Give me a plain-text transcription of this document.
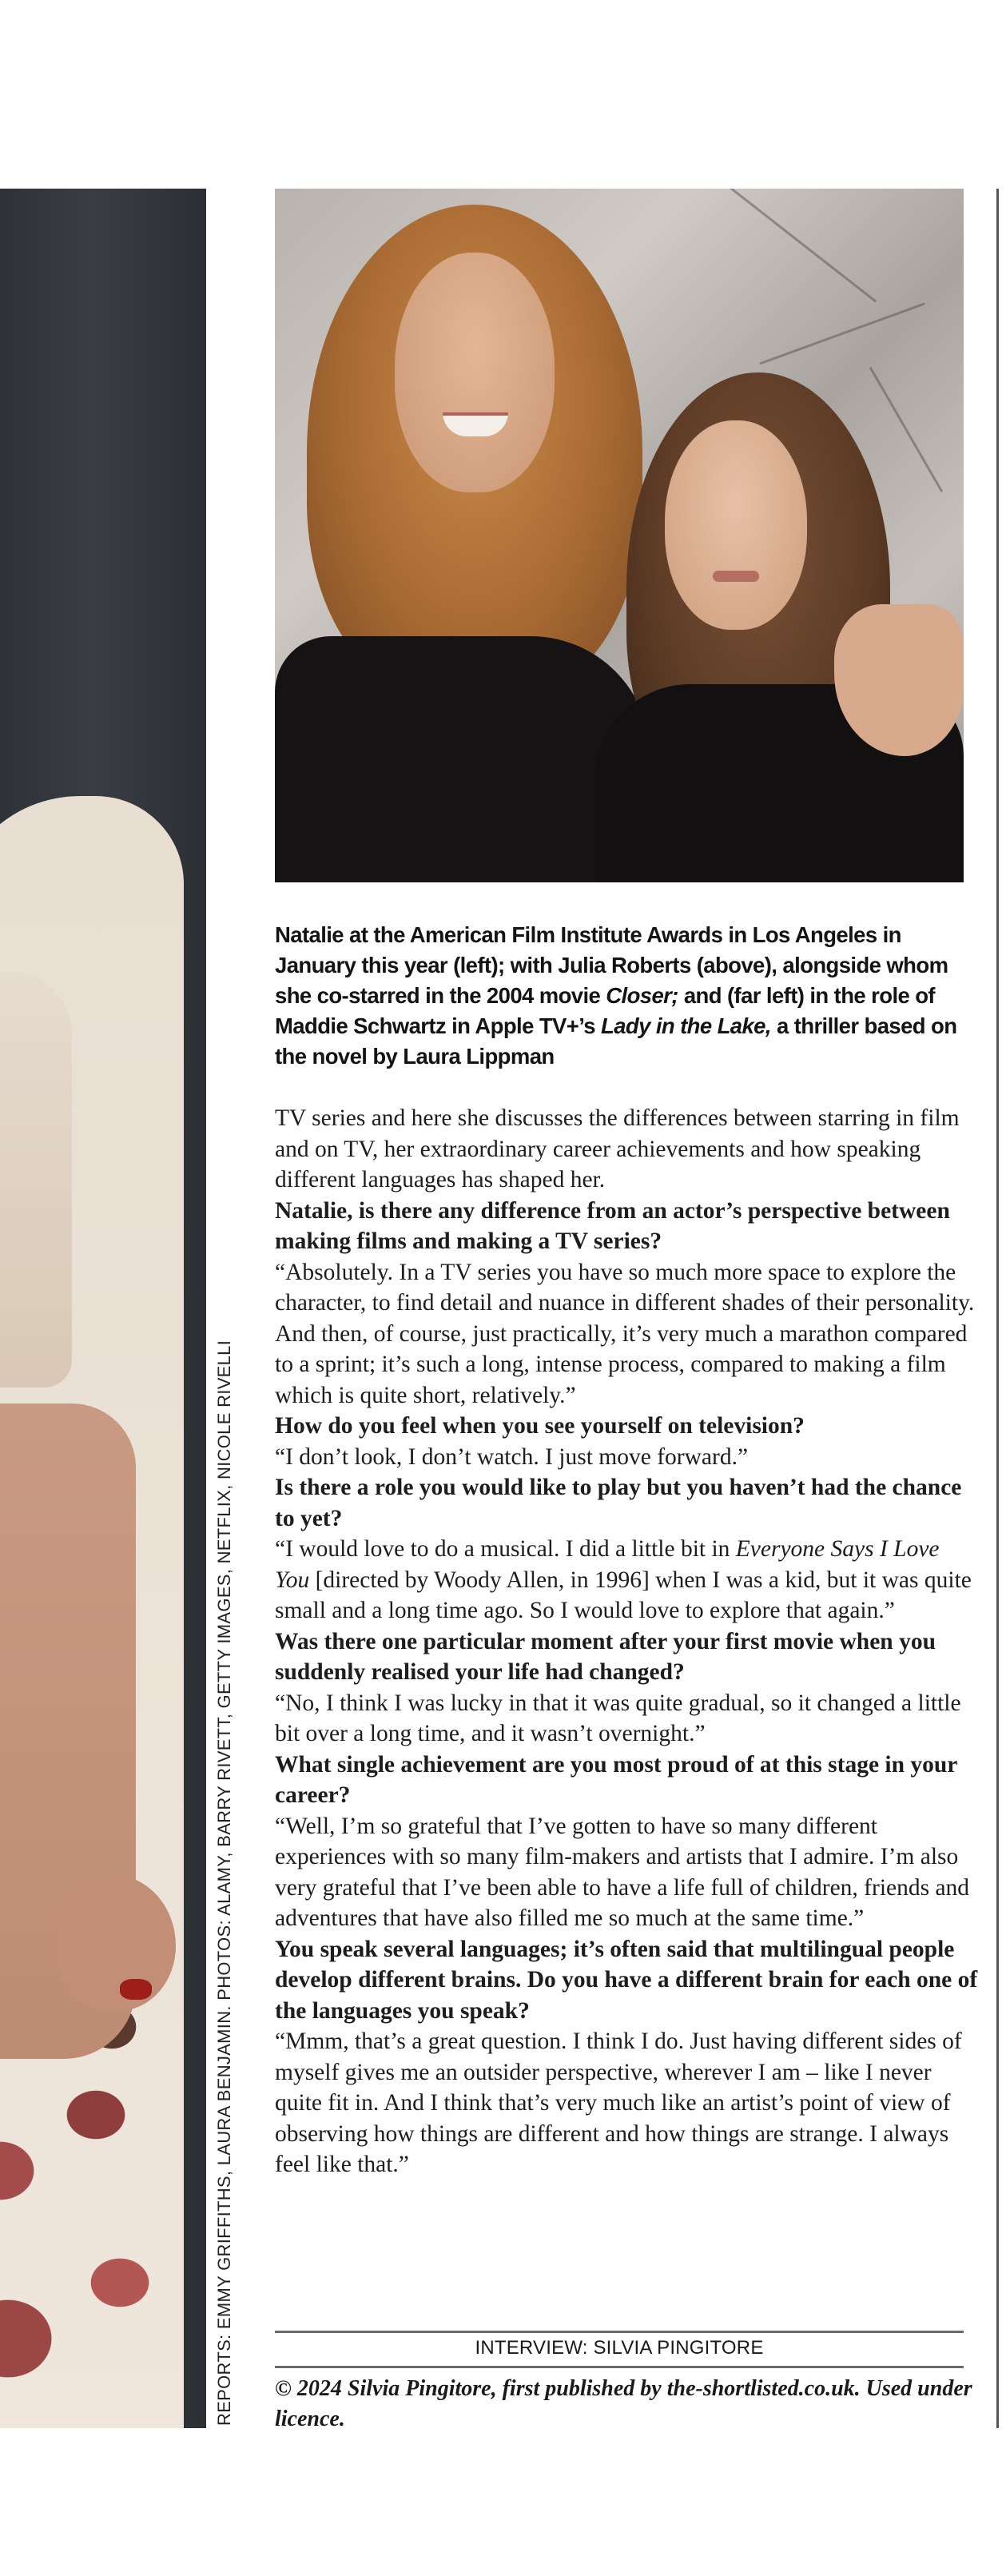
REPORTS: EMMY GRIFFITHS, LAURA BENJAMIN. PHOTOS: ALAMY, BARRY RIVETT, GETTY IMAGES, NETFLIX, NICOLE RIVELLI
Natalie at the American Film Institute Awards in Los Angeles in January this year (left); with Julia Roberts (above), alongside whom she co-starred in the 2004 movie Closer; and (far left) in the role of Maddie Schwartz in Apple TV+’s Lady in the Lake, a thriller based on the novel by Laura Lippman

TV series and here she discusses the differences between starring in film and on TV, her extraordinary career achievements and how speaking different languages has shaped her.

Natalie, is there any difference from an actor’s perspective between making films and making a TV series?

“Absolutely. In a TV series you have so much more space to explore the character, to find detail and nuance in different shades of their personality. And then, of course, just practically, it’s very much a marathon compared to a sprint; it’s such a long, intense process, compared to making a film which is quite short, relatively.”

How do you feel when you see yourself on television?

“I don’t look, I don’t watch. I just move forward.”

Is there a role you would like to play but you haven’t had the chance to yet?

“I would love to do a musical. I did a little bit in Everyone Says I Love You [directed by Woody Allen, in 1996] when I was a kid, but it was quite small and a long time ago. So I would love to explore that again.”

Was there one particular moment after your first movie when you suddenly realised your life had changed?

“No, I think I was lucky in that it was quite gradual, so it changed a little bit over a long time, and it wasn’t overnight.”

What single achievement are you most proud of at this stage in your career?

“Well, I’m so grateful that I’ve gotten to have so many different experiences with so many film-makers and artists that I admire. I’m also very grateful that I’ve been able to have a life full of children, friends and adventures that have also filled me so much at the same time.”

You speak several languages; it’s often said that multilingual people develop different brains. Do you have a different brain for each one of the languages you speak?

“Mmm, that’s a great question. I think I do. Just having different sides of myself gives me an outsider perspective, wherever I am – like I never quite fit in. And I think that’s very much like an artist’s point of view of observing how things are different and how things are strange. I always feel like that.”

INTERVIEW: SILVIA PINGITORE
© 2024 Silvia Pingitore, first published by the-shortlisted.co.uk. Used under licence.
